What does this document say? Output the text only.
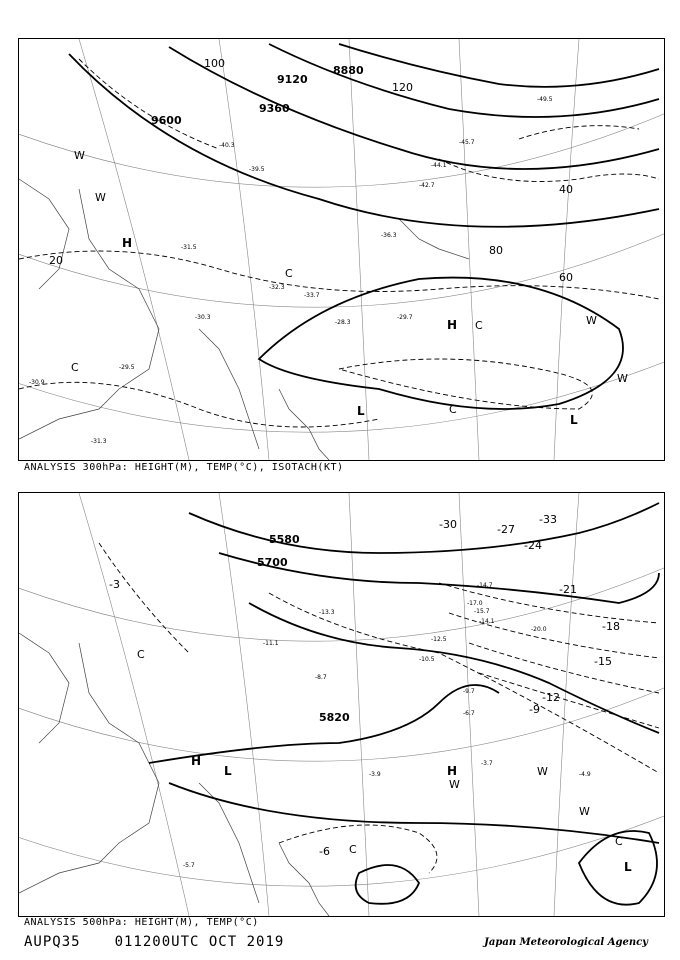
8880
9120
9360
9600
20
40
60
80
100
120
H
H
L
L
C
C
C
C
W
W
W
W
-40.3
-39.5
-33.7
-32.3
-31.5
-30.3	-29.7
-29.5
-28.3
-31.3
-30.9
-44.1
-45.7
-49.5
-42.7
-36.3
ANALYSIS 300hPa: HEIGHT(M), TEMP(°C), ISOTACH(KT)
5580
5700
5820
-3
-6
-9
-12
-15
-18
-21
-24
-27
-30	-33
H
H
L
L
C
C
C
W
W
W
-8.7
-9.7
-10.5
-12.5
-13.3	-15.7
-14.7
-14.1
-17.0
-20.0
-11.1
-6.7
-3.7
-4.9
-5.7
-3.9
ANALYSIS 500hPa: HEIGHT(M), TEMP(°C)
AUPQ35 011200UTC OCT 2019	Japan Meteorological Agency
